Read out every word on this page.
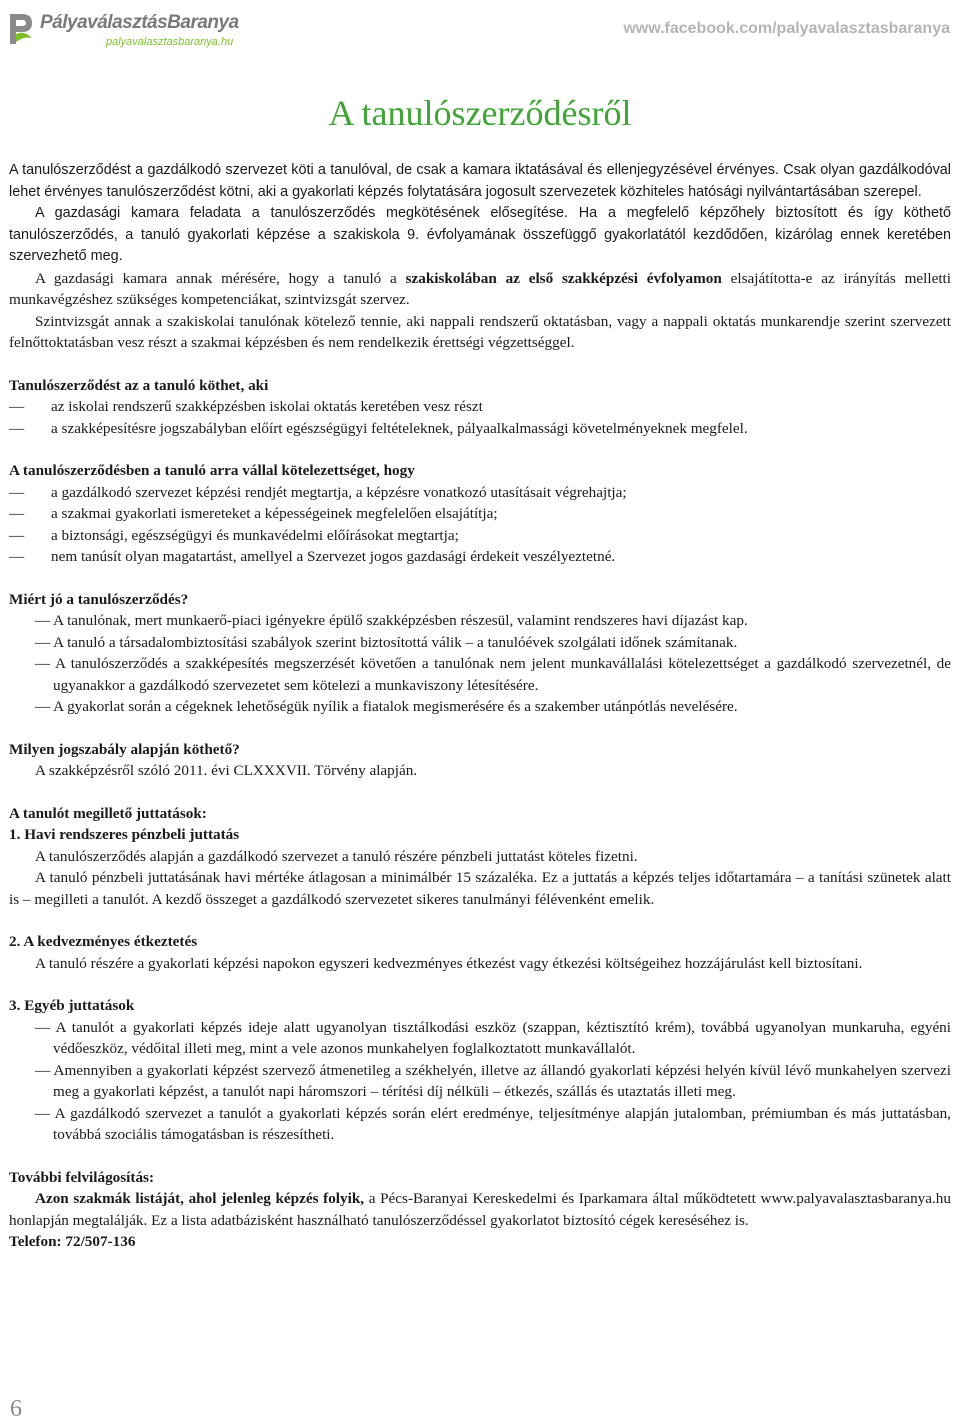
PályaválasztásBaranya
palyavalasztasbaranya.hu
www.facebook.com/palyavalasztasbaranya
A tanulószerződésről

A tanulószerződést a gazdálkodó szervezet köti a tanulóval, de csak a kamara iktatásával és ellenjegyzésével érvényes. Csak olyan gazdálkodóval lehet érvényes tanulószerződést kötni, aki a gyakorlati képzés folytatására jogosult szervezetek közhiteles hatósági nyilvántartásában szerepel.

A gazdasági kamara feladata a tanulószerződés megkötésének elősegítése. Ha a megfelelő képzőhely biztosított és így köthető tanulószerződés, a tanuló gyakorlati képzése a szakiskola 9. évfolyamának összefüggő gyakorlatától kezdődően, kizárólag ennek keretében szervezhető meg.

A gazdasági kamara annak mérésére, hogy a tanuló a szakiskolában az első szakképzési évfolyamon elsajátította-e az irányítás melletti munkavégzéshez szükséges kompetenciákat, szintvizsgát szervez.

Szintvizsgát annak a szakiskolai tanulónak kötelező tennie, aki nappali rendszerű oktatásban, vagy a nappali oktatás munkarendje szerint szervezett felnőttoktatásban vesz részt a szakmai képzésben és nem rendelkezik érettségi végzettséggel.

Tanulószerződést az a tanuló köthet, aki

— az iskolai rendszerű szakképzésben iskolai oktatás keretében vesz részt

— a szakképesítésre jogszabályban előírt egészségügyi feltételeknek, pályaalkalmassági követelményeknek megfelel.

A tanulószerződésben a tanuló arra vállal kötelezettséget, hogy

— a gazdálkodó szervezet képzési rendjét megtartja, a képzésre vonatkozó utasításait végrehajtja;

— a szakmai gyakorlati ismereteket a képességeinek megfelelően elsajátítja;

— a biztonsági, egészségügyi és munkavédelmi előírásokat megtartja;

— nem tanúsít olyan magatartást, amellyel a Szervezet jogos gazdasági érdekeit veszélyeztetné.

Miért jó a tanulószerződés?

— A tanulónak, mert munkaerő-piaci igényekre épülő szakképzésben részesül, valamint rendszeres havi díjazást kap.

— A tanuló a társadalombiztosítási szabályok szerint biztosítottá válik – a tanulóévek szolgálati időnek számítanak.

— A tanulószerződés a szakképesítés megszerzését követően a tanulónak nem jelent munkavállalási kötelezettséget a gazdálkodó szervezetnél, de ugyanakkor a gazdálkodó szervezetet sem kötelezi a munkaviszony létesítésére.

— A gyakorlat során a cégeknek lehetőségük nyílik a fiatalok megismerésére és a szakember utánpótlás nevelésére.

Milyen jogszabály alapján köthető?

A szakképzésről szóló 2011. évi CLXXXVII. Törvény alapján.

A tanulót megillető juttatások:

1. Havi rendszeres pénzbeli juttatás

A tanulószerződés alapján a gazdálkodó szervezet a tanuló részére pénzbeli juttatást köteles fizetni.

A tanuló pénzbeli juttatásának havi mértéke átlagosan a minimálbér 15 százaléka. Ez a juttatás a képzés teljes időtartamára – a tanítási szünetek alatt is – megilleti a tanulót. A kezdő összeget a gazdálkodó szervezetet sikeres tanulmányi félévenként emelik.

2. A kedvezményes étkeztetés

A tanuló részére a gyakorlati képzési napokon egyszeri kedvezményes étkezést vagy étkezési költségeihez hozzájárulást kell biztosítani.

3. Egyéb juttatások

— A tanulót a gyakorlati képzés ideje alatt ugyanolyan tisztálkodási eszköz (szappan, kéztisztító krém), továbbá ugyanolyan munkaruha, egyéni védőeszköz, védőital illeti meg, mint a vele azonos munkahelyen foglalkoztatott munkavállalót.

— Amennyiben a gyakorlati képzést szervező átmenetileg a székhelyén, illetve az állandó gyakorlati képzési helyén kívül lévő munkahelyen szervezi meg a gyakorlati képzést, a tanulót napi háromszori – térítési díj nélküli – étkezés, szállás és utaztatás illeti meg.

— A gazdálkodó szervezet a tanulót a gyakorlati képzés során elért eredménye, teljesítménye alapján jutalomban, prémiumban és más juttatásban, továbbá szociális támogatásban is részesítheti.

További felvilágosítás:

Azon szakmák listáját, ahol jelenleg képzés folyik, a Pécs-Baranyai Kereskedelmi és Iparkamara által működtetett www.palyavalasztasbaranya.hu honlapján megtalálják. Ez a lista adatbázisként használható tanulószerződéssel gyakorlatot biztosító cégek kereséséhez is.

Telefon: 72/507-136

6
